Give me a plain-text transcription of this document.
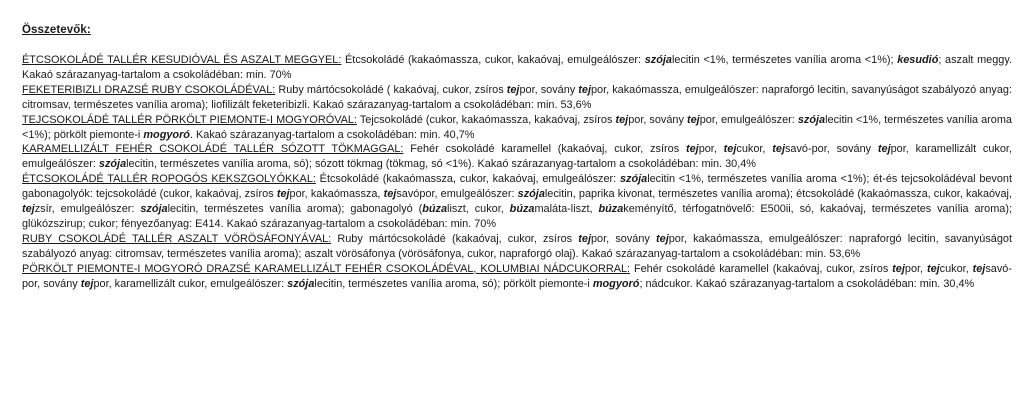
Összetevők:

ÉTCSOKOLÁDÉ TALLÉR KESUDIÓVAL ÉS ASZALT MEGGYEL: Étcsokoládé (kakaómassza, cukor, kakaóvaj, emulgeálószer: szójalecitin <1%, természetes vanília aroma <1%); kesudió; aszalt meggy. Kakaó szárazanyag-tartalom a csokoládéban: min. 70%

FEKETERIBIZLI DRAZSÉ RUBY CSOKOLÁDÉVAL: Ruby mártócsokoládé ( kakaóvaj, cukor, zsíros tejpor, sovány tejpor, kakaómassza, emulgeálószer: napraforgó lecitin, savanyúságot szabályozó anyag: citromsav, természetes vanília aroma); liofilizált feketeribizli. Kakaó szárazanyag-tartalom a csokoládéban: min. 53,6%

TEJCSOKOLÁDÉ TALLÉR PÖRKÖLT PIEMONTE-I MOGYORÓVAL: Tejcsokoládé (cukor, kakaómassza, kakaóvaj, zsíros tejpor, sovány tejpor, emulgeálószer: szójalecitin <1%, természetes vanília aroma <1%); pörkölt piemonte-i mogyoró. Kakaó szárazanyag-tartalom a csokoládéban: min. 40,7%

KARAMELLIZÁLT FEHÉR CSOKOLÁDÉ TALLÉR SÓZOTT TÖKMAGGAL: Fehér csokoládé karamellel (kakaóvaj, cukor, zsíros tejpor, tejcukor, tejsavó-por, sovány tejpor, karamellizált cukor, emulgeálószer: szójalecitin, természetes vanília aroma, só); sózott tökmag (tökmag, só <1%). Kakaó szárazanyag-tartalom a csokoládéban: min. 30,4%

ÉTCSOKOLÁDÉ TALLÉR ROPOGÓS KEKSZGOLYÓKKAL: Étcsokoládé (kakaómassza, cukor, kakaóvaj, emulgeálószer: szójalecitin <1%, természetes vanília aroma <1%); ét-és tejcsokoládéval bevont gabonagolyók: tejcsokoládé (cukor, kakaóvaj, zsíros tejpor, kakaómassza, tejsavópor, emulgeálószer: szójalecitin, paprika kivonat, természetes vanília aroma); étcsokoládé (kakaómassza, cukor, kakaóvaj, tejzsír, emulgeálószer: szójalecitin, természetes vanília aroma); gabonagolyó (búzaliszt, cukor, búzamaláta-liszt, búzakeményítő, térfogatnövelő: E500ii, só, kakaóvaj, természetes vanília aroma); glükózszirup; cukor; fényezőanyag: E414. Kakaó szárazanyag-tartalom a csokoládéban: min. 70%

RUBY CSOKOLÁDÉ TALLÉR ASZALT VÖRÖSÁFONYÁVAL: Ruby mártócsokoládé (kakaóvaj, cukor, zsíros tejpor, sovány tejpor, kakaómassza, emulgeálószer: napraforgó lecitin, savanyúságot szabályozó anyag: citromsav, természetes vanília aroma); aszalt vörösáfonya (vörösáfonya, cukor, napraforgó olaj). Kakaó szárazanyag-tartalom a csokoládéban: min. 53,6%

PÖRKÖLT PIEMONTE-I MOGYORÓ DRAZSÉ KARAMELLIZÁLT FEHÉR CSOKOLÁDÉVAL, KOLUMBIAI NÁDCUKORRAL: Fehér csokoládé karamellel (kakaóvaj, cukor, zsíros tejpor, tejcukor, tejsavó-por, sovány tejpor, karamellizált cukor, emulgeálószer: szójalecitin, természetes vanília aroma, só); pörkölt piemonte-i mogyoró; nádcukor. Kakaó szárazanyag-tartalom a csokoládéban: min. 30,4%
